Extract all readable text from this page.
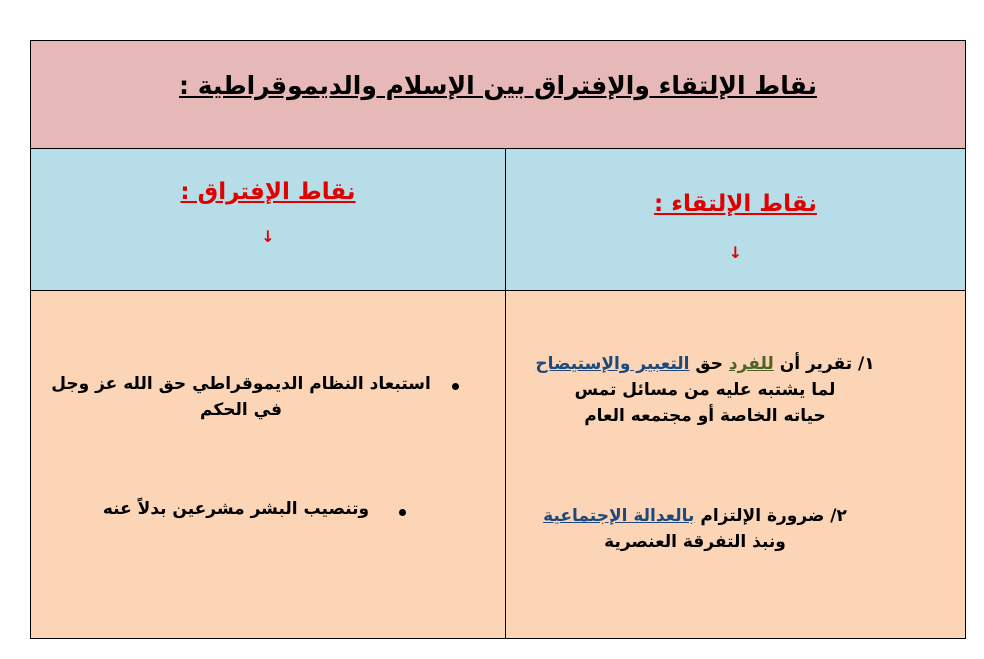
نقاط الإلتقاء والإفتراق بين الإسلام والديموقراطية :
نقاط الإفتراق :
↓
نقاط الإلتقاء :
↓
استبعاد النظام الديموقراطي حق الله عز وجل
في الحكم
وتنصيب البشر مشرعين بدلاً عنه
١/ تقرير أن للفرد حق التعبير والإستيضاح
لما يشتبه عليه من مسائل تمس
حياته الخاصة أو مجتمعه العام
٢/ ضرورة الإلتزام بالعدالة الإجتماعية
ونبذ التفرقة العنصرية
